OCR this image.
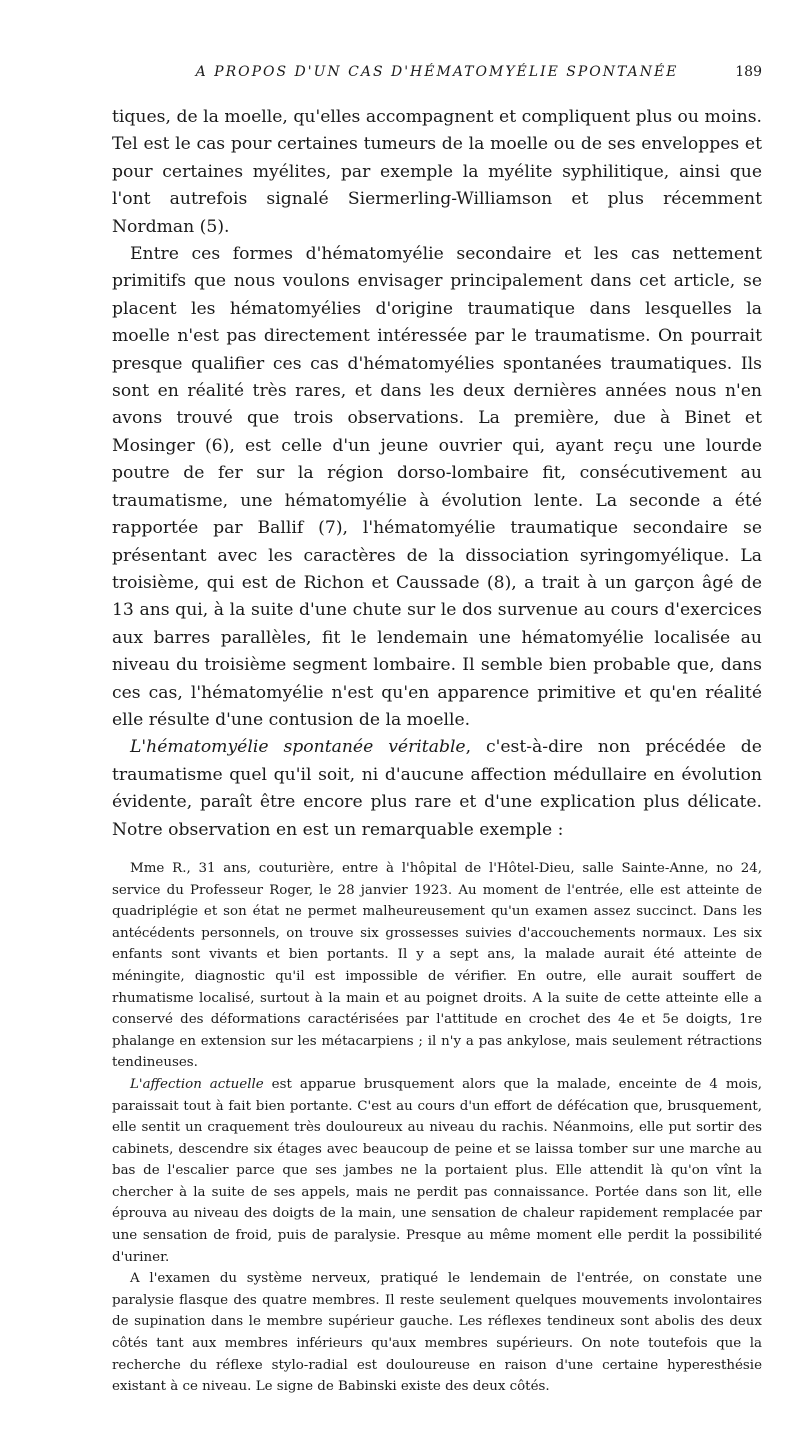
A PROPOS D'UN CAS D'HÉMATOMYÉLIE SPONTANÉE	189

tiques, de la moelle, qu'elles accompagnent et compliquent plus ou moins. Tel est le cas pour certaines tumeurs de la moelle ou de ses enveloppes et pour certaines myélites, par exemple la myélite syphilitique, ainsi que l'ont autrefois signalé Siermerling-Williamson et plus récemment Nordman (5).

Entre ces formes d'hématomyélie secondaire et les cas nettement primitifs que nous voulons envisager principalement dans cet article, se placent les hématomyélies d'origine traumatique dans lesquelles la moelle n'est pas directement intéressée par le traumatisme. On pourrait presque qualifier ces cas d'hématomyélies spontanées traumatiques. Ils sont en réalité très rares, et dans les deux dernières années nous n'en avons trouvé que trois observations. La première, due à Binet et Mosinger (6), est celle d'un jeune ouvrier qui, ayant reçu une lourde poutre de fer sur la région dorso-lombaire fit, consécutivement au traumatisme, une hématomyélie à évolution lente. La seconde a été rapportée par Ballif (7), l'hématomyélie traumatique secondaire se présentant avec les caractères de la dissociation syringomyélique. La troisième, qui est de Richon et Caussade (8), a trait à un garçon âgé de 13 ans qui, à la suite d'une chute sur le dos survenue au cours d'exercices aux barres parallèles, fit le lendemain une hématomyélie localisée au niveau du troisième segment lombaire. Il semble bien probable que, dans ces cas, l'hématomyélie n'est qu'en apparence primitive et qu'en réalité elle résulte d'une contusion de la moelle.

L'hématomyélie spontanée véritable, c'est-à-dire non précédée de traumatisme quel qu'il soit, ni d'aucune affection médullaire en évolution évidente, paraît être encore plus rare et d'une explication plus délicate. Notre observation en est un remarquable exemple :

Mme R., 31 ans, couturière, entre à l'hôpital de l'Hôtel-Dieu, salle Sainte-Anne, no 24, service du Professeur Roger, le 28 janvier 1923. Au moment de l'entrée, elle est atteinte de quadriplégie et son état ne permet malheureusement qu'un examen assez succinct. Dans les antécédents personnels, on trouve six grossesses suivies d'accouchements normaux. Les six enfants sont vivants et bien portants. Il y a sept ans, la malade aurait été atteinte de méningite, diagnostic qu'il est impossible de vérifier. En outre, elle aurait souffert de rhumatisme localisé, surtout à la main et au poignet droits. A la suite de cette atteinte elle a conservé des déformations caractérisées par l'attitude en crochet des 4e et 5e doigts, 1re phalange en extension sur les métacarpiens ; il n'y a pas ankylose, mais seulement rétractions tendineuses.

L'affection actuelle est apparue brusquement alors que la malade, enceinte de 4 mois, paraissait tout à fait bien portante. C'est au cours d'un effort de défécation que, brusquement, elle sentit un craquement très douloureux au niveau du rachis. Néanmoins, elle put sortir des cabinets, descendre six étages avec beaucoup de peine et se laissa tomber sur une marche au bas de l'escalier parce que ses jambes ne la portaient plus. Elle attendit là qu'on vînt la chercher à la suite de ses appels, mais ne perdit pas connaissance. Portée dans son lit, elle éprouva au niveau des doigts de la main, une sensation de chaleur rapidement remplacée par une sensation de froid, puis de paralysie. Presque au même moment elle perdit la possibilité d'uriner.

A l'examen du système nerveux, pratiqué le lendemain de l'entrée, on constate une paralysie flasque des quatre membres. Il reste seulement quelques mouvements involontaires de supination dans le membre supérieur gauche. Les réflexes tendineux sont abolis des deux côtés tant aux membres inférieurs qu'aux membres supérieurs. On note toutefois que la recherche du réflexe stylo-radial est douloureuse en raison d'une certaine hyperesthésie existant à ce niveau. Le signe de Babinski existe des deux côtés.
